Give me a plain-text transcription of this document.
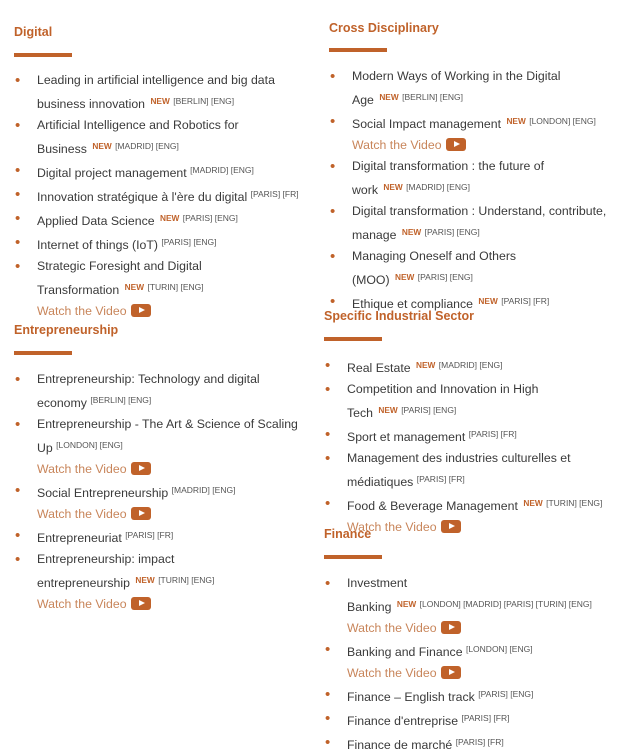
Digital
• Leading in artificial intelligence and big data
business innovation $^{NEW}$ [BERLIN] [ENG]
• Artificial Intelligence and Robotics for
Business $^{NEW}$ [MADRID] [ENG]
• Digital project management [MADRID] [ENG]
• Innovation stratégique à l'ère du digital [PARIS] [FR]
• Applied Data Science $^{NEW}$ [PARIS] [ENG]
• Internet of things (IoT) [PARIS] [ENG]
• Strategic Foresight and Digital
Transformation $^{NEW}$ [TURIN] [ENG]
Watch the Video
Entrepreneurship
• Entrepreneurship: Technology and digital
economy [BERLIN] [ENG]
• Entrepreneurship - The Art & Science of Scaling
Up [LONDON] [ENG]
Watch the Video
• Social Entrepreneurship [MADRID] [ENG]
Watch the Video
• Entrepreneuriat [PARIS] [FR]
• Entrepreneurship: impact
entrepreneurship $^{NEW}$ [TURIN] [ENG]
Watch the Video
Cross Disciplinary
• Modern Ways of Working in the Digital
Age $^{NEW}$ [BERLIN] [ENG]
• Social Impact management $^{NEW}$ [LONDON] [ENG]
Watch the Video
• Digital transformation : the future of
work $^{NEW}$ [MADRID] [ENG]
• Digital transformation : Understand, contribute,
manage $^{NEW}$ [PARIS] [ENG]
• Managing Oneself and Others
(MOO) $^{NEW}$ [PARIS] [ENG]
• Ethique et compliance $^{NEW}$ [PARIS] [FR]
Specific Industrial Sector
• Real Estate $^{NEW}$ [MADRID] [ENG]
• Competition and Innovation in High
Tech $^{NEW}$ [PARIS] [ENG]
• Sport et management [PARIS] [FR]
• Management des industries culturelles et
médiatiques [PARIS] [FR]
• Food & Beverage Management $^{NEW}$ [TURIN] [ENG]
Watch the Video
Finance
• Investment
Banking $^{NEW}$ [LONDON] [MADRID] [PARIS] [TURIN] [ENG]
Watch the Video
• Banking and Finance [LONDON] [ENG]
Watch the Video
• Finance – English track [PARIS] [ENG]
• Finance d'entreprise [PARIS] [FR]
• Finance de marché [PARIS] [FR]
